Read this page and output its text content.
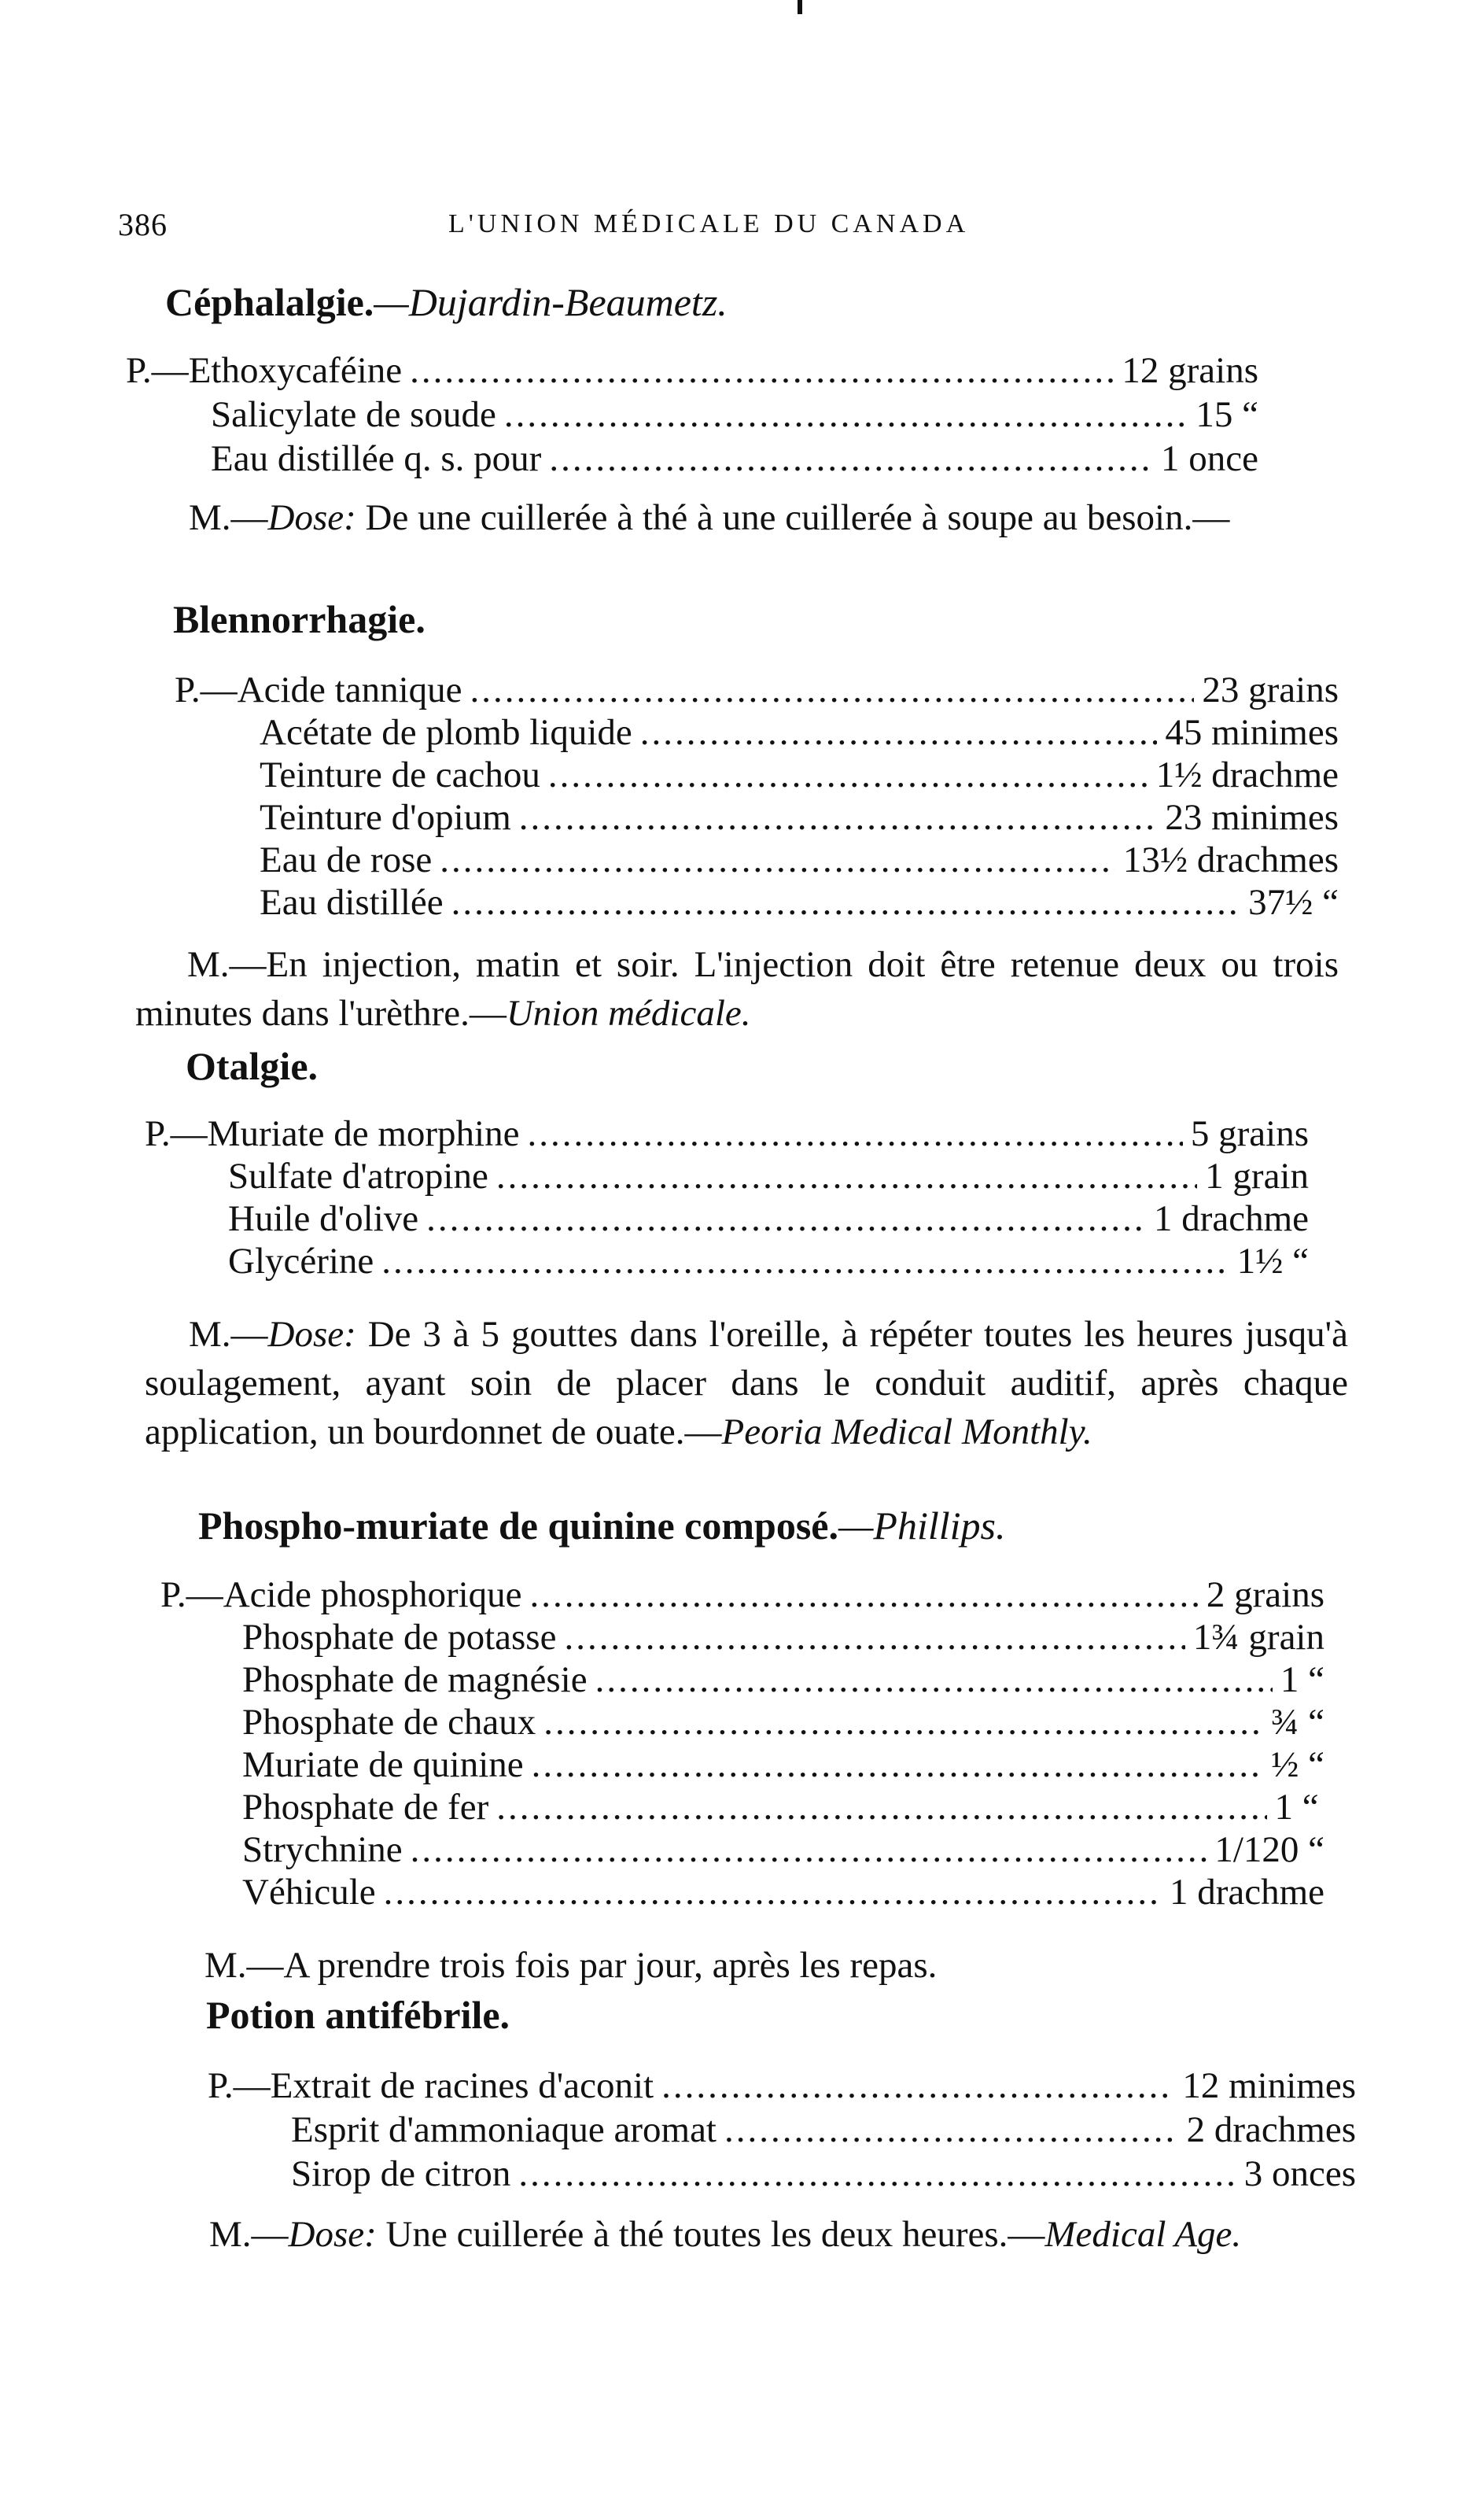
386	L'UNION MÉDICALE DU CANADA
Céphalalgie.—Dujardin-Beaumetz.
P.—Ethoxycaféine .....	12 grains
Salicylate de soude .....	15 “
Eau distillée q. s. pour .....	1 once

M.—Dose: De une cuillerée à thé à une cuillerée à soupe au besoin.—

Blennorrhagie.
P.—Acide tannique .....	23 grains
Acétate de plomb liquide .....	45 minimes
Teinture de cachou .....	1½ drachme
Teinture d'opium .....	23 minimes
Eau de rose .....	13½ drachmes
Eau distillée .....	37½ “

M.—En injection, matin et soir. L'injection doit être retenue deux ou trois minutes dans l'urèthre.—Union médicale.

Otalgie.
P.—Muriate de morphine .....	5 grains
Sulfate d'atropine .....	1 grain
Huile d'olive .....	1 drachme
Glycérine .....	1½ “

M.—Dose: De 3 à 5 gouttes dans l'oreille, à répéter toutes les heures jusqu'à soulagement, ayant soin de placer dans le conduit auditif, après chaque application, un bourdonnet de ouate.—Peoria Medical Monthly.

Phospho-muriate de quinine composé.—Phillips.
P.—Acide phosphorique .....	2 grains
Phosphate de potasse .....	1¾ grain
Phosphate de magnésie .....	1 “
Phosphate de chaux .....	¾ “
Muriate de quinine .....	½ “
Phosphate de fer .....	1 “
Strychnine .....	1/120 “
Véhicule .....	1 drachme

M.—A prendre trois fois par jour, après les repas.

Potion antifébrile.
P.—Extrait de racines d'aconit .....	12 minimes
Esprit d'ammoniaque aromat .....	2 drachmes
Sirop de citron .....	3 onces

M.—Dose: Une cuillerée à thé toutes les deux heures.—Medical Age.
